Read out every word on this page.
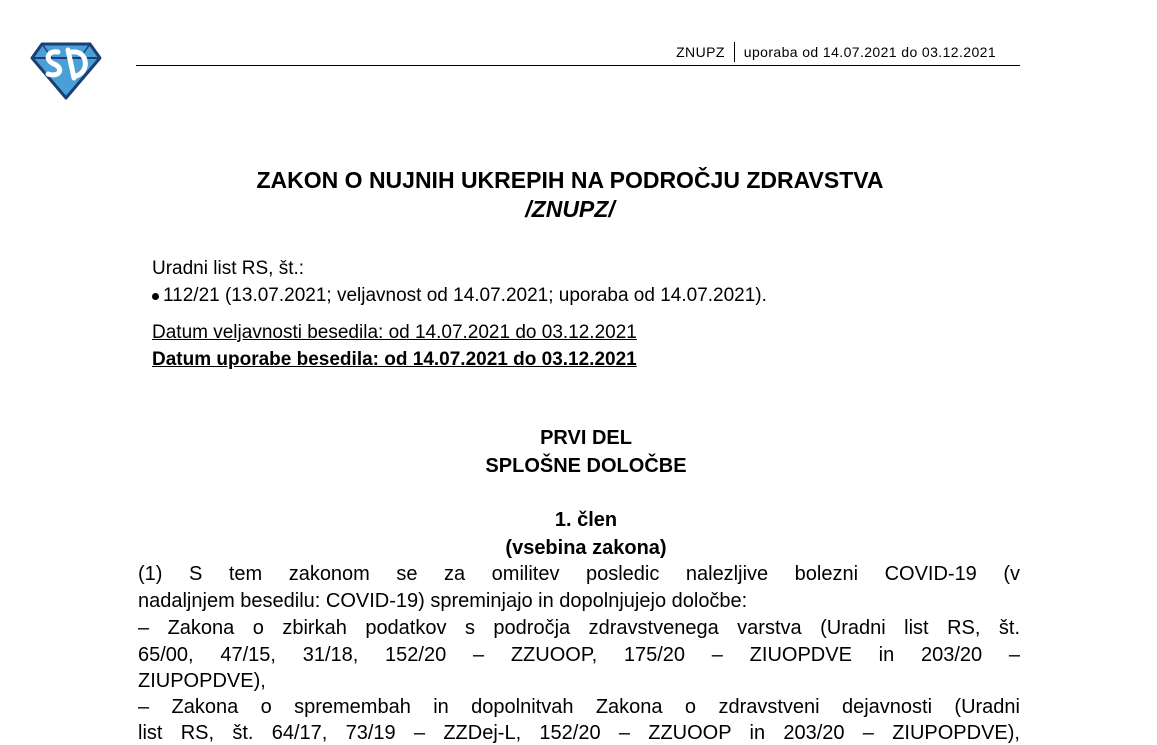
ZNUPZ uporaba od 14.07.2021 do 03.12.2021
ZAKON O NUJNIH UKREPIH NA PODROČJU ZDRAVSTVA
/ZNUPZ/
Uradni list RS, št.:
112/21 (13.07.2021; veljavnost od 14.07.2021; uporaba od 14.07.2021).
Datum veljavnosti besedila: od 14.07.2021 do 03.12.2021
Datum uporabe besedila: od 14.07.2021 do 03.12.2021
PRVI DEL
SPLOŠNE DOLOČBE
1. člen
(vsebina zakona)
(1) S tem zakonom se za omilitev posledic nalezljive bolezni COVID-19 (v
nadaljnjem besedilu: COVID-19) spreminjajo in dopolnjujejo določbe:
– Zakona o zbirkah podatkov s področja zdravstvenega varstva (Uradni list RS, št.
65/00, 47/15, 31/18, 152/20 – ZZUOOP, 175/20 – ZIUOPDVE in 203/20 –
ZIUPOPDVE),
– Zakona o spremembah in dopolnitvah Zakona o zdravstveni dejavnosti (Uradni
list RS, št. 64/17, 73/19 – ZZDej-L, 152/20 – ZZUOOP in 203/20 – ZIUPOPDVE),
